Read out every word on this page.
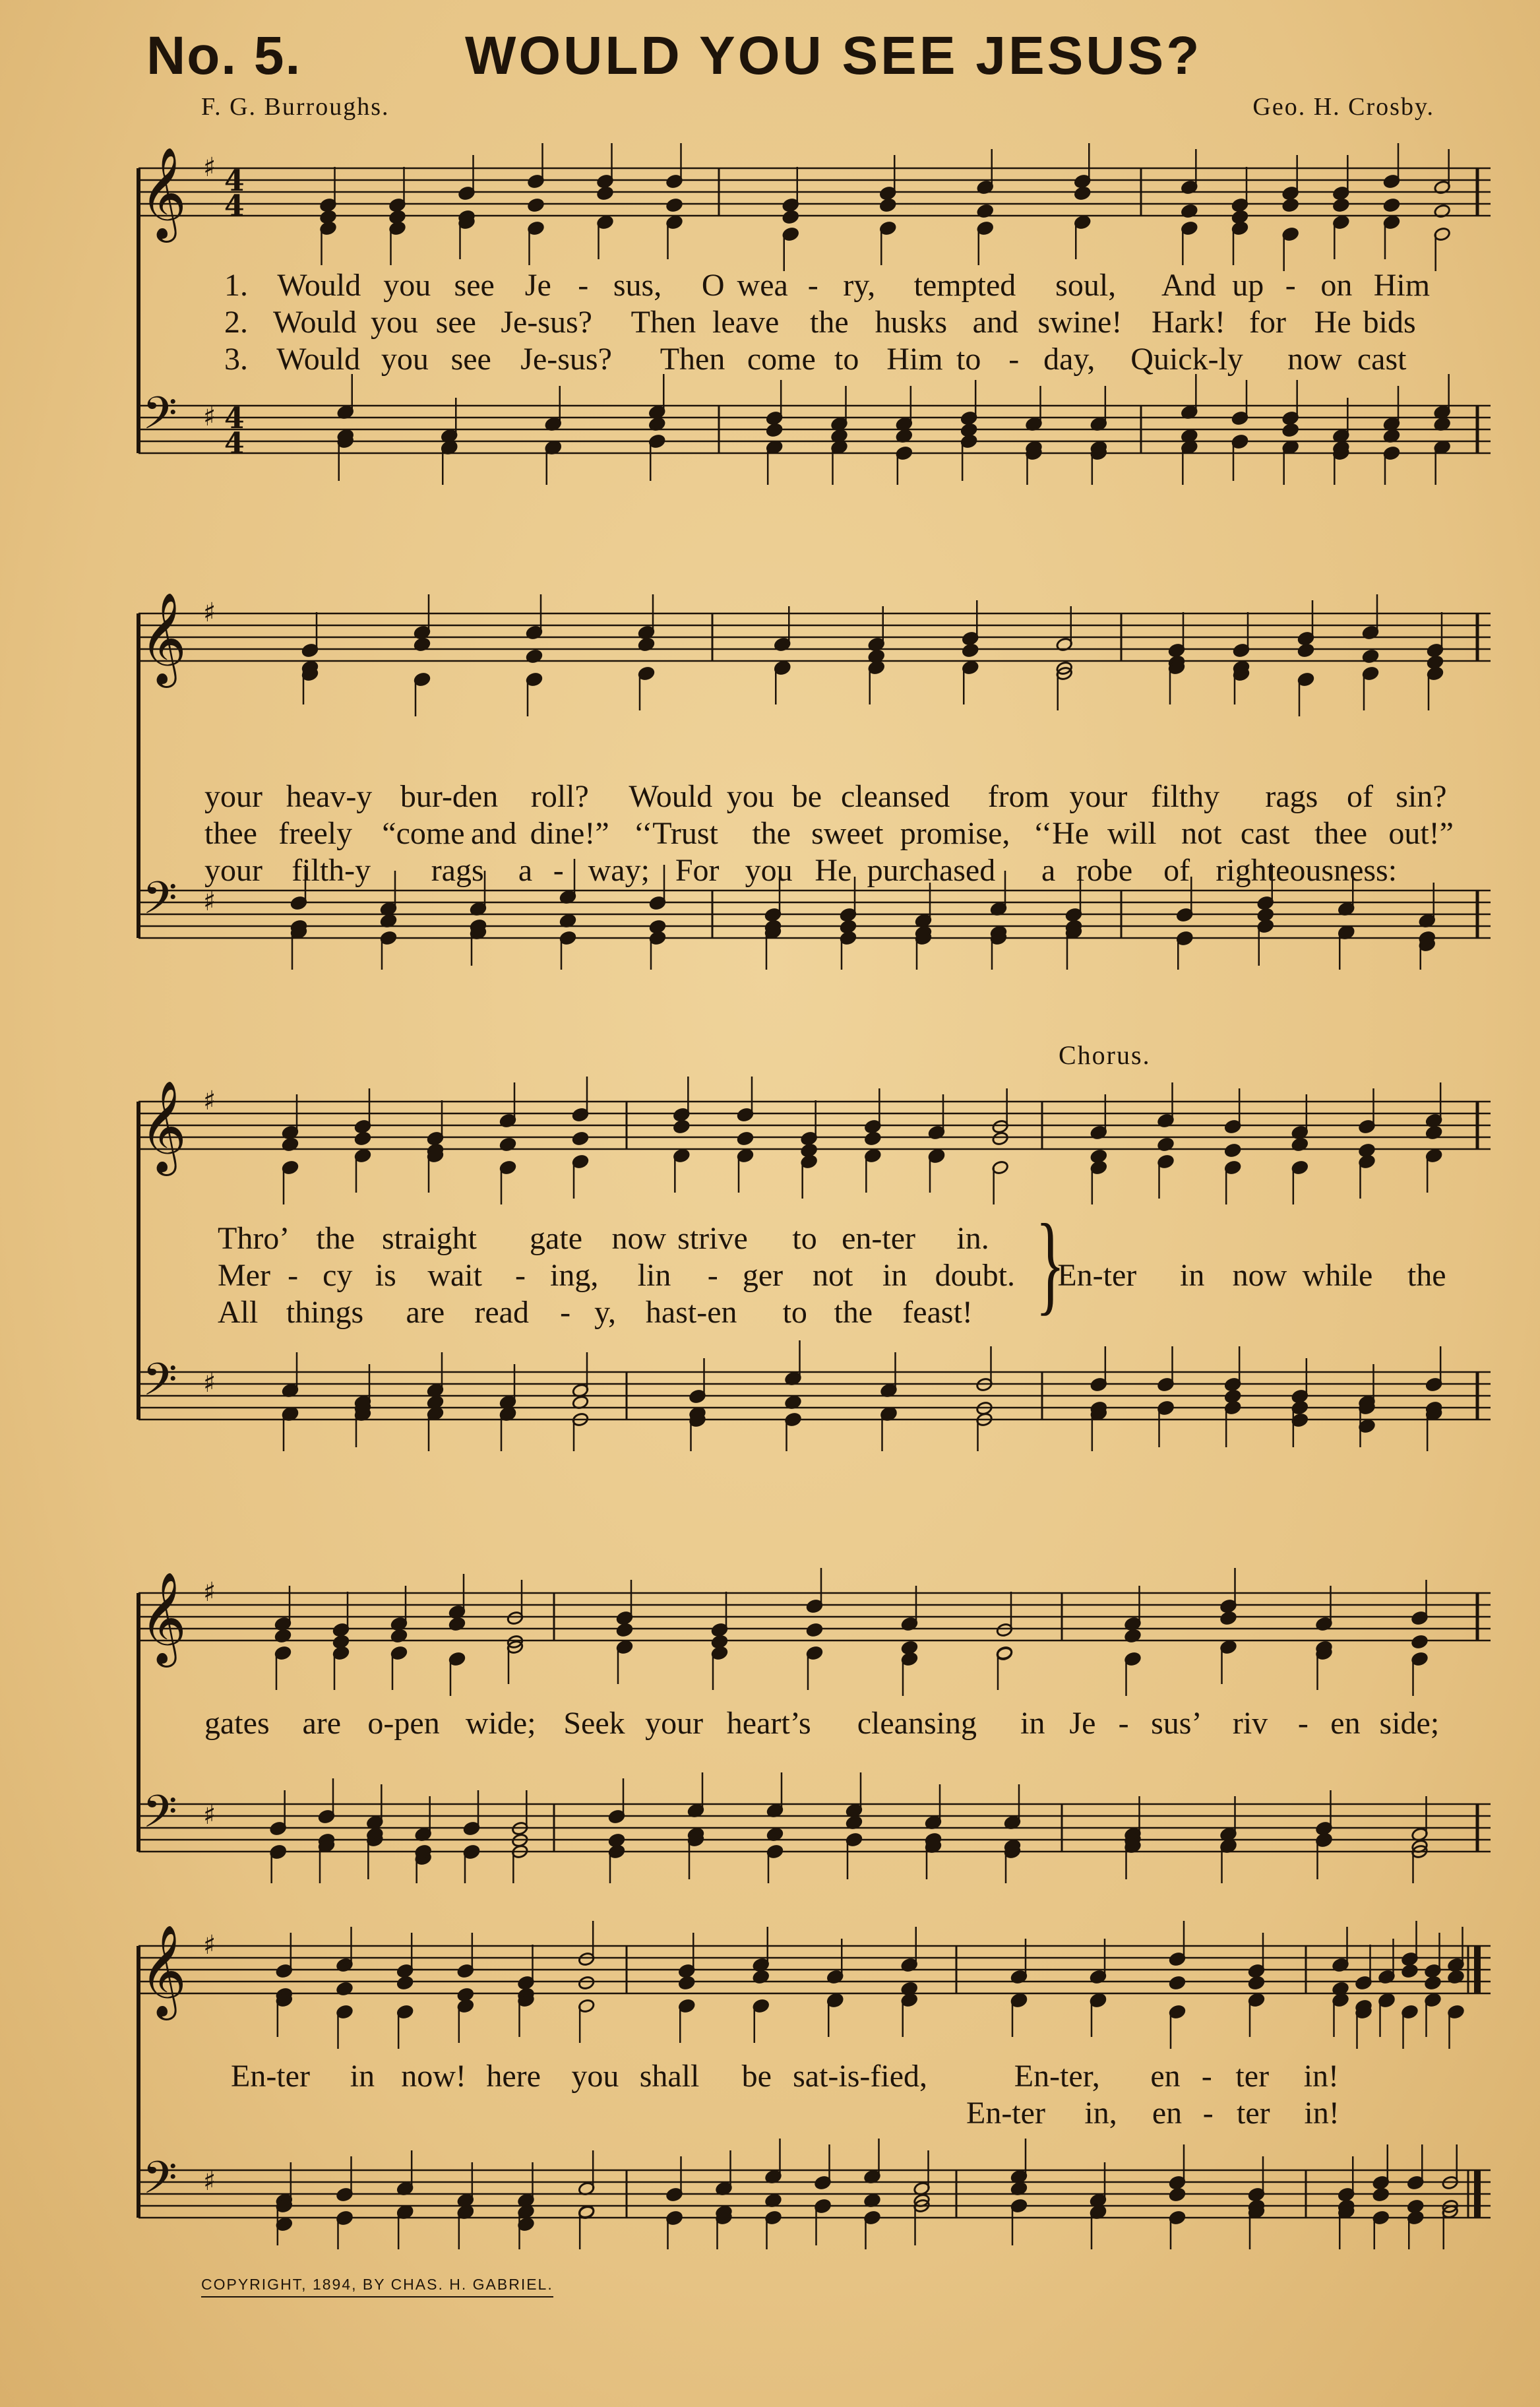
No. 5.	WOULD YOU SEE JESUS?
F. G. Burroughs.	Geo. H. Crosby.
𝄞 ♯
𝄢 ♯
4
4
4
4
1. Would you see Je - sus, O wea - ry, tempted soul, And up - on Him
2. Would you see Je-sus? Then leave the husks and swine! Hark! for He bids
3. Would you see Je-sus? Then come to Him to - day, Quick-ly now cast
𝄞 ♯
𝄢 ♯
your heav-y bur-den roll? Would you be cleansed from your filthy rags of sin?
thee freely “come and dine!” ‘‘Trust the sweet promise, ‘‘He will not cast thee out!”
your filth-y rags a - way; For you He purchased a robe of righteousness:
Chorus.
𝄞 ♯
𝄢 ♯
Thro’ the straight gate now strive to en-ter in.
Mer - cy is wait - ing, lin - ger not in doubt. En-ter in now while the
All things are read - y, hast-en to the feast! }
𝄞 ♯
𝄢 ♯
gates are o-pen wide; Seek your heart’s cleansing in Je - sus’ riv - en side;
𝄞 ♯
𝄢 ♯
En-ter in now! here you shall be sat-is-fied,	En-ter, en - ter in!
En-ter in, en - ter in!
COPYRIGHT, 1894, BY CHAS. H. GABRIEL.
